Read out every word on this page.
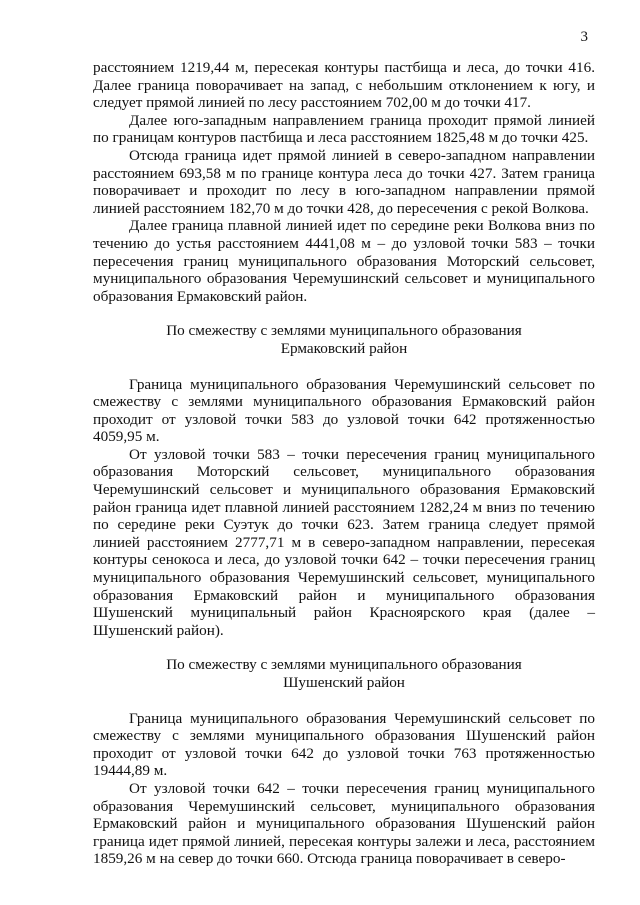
3

расстоянием 1219,44 м, пересекая контуры пастбища и леса, до точки 416. Далее граница поворачивает на запад, с небольшим отклонением к югу, и следует прямой линией по лесу расстоянием 702,00 м до точки 417.

Далее юго-западным направлением граница проходит прямой линией по границам контуров пастбища и леса расстоянием 1825,48 м до точки 425.

Отсюда граница идет прямой линией в северо-западном направлении расстоянием 693,58 м по границе контура леса до точки 427. Затем граница поворачивает и проходит по лесу в юго-западном направлении прямой линией расстоянием 182,70 м до точки 428, до пересечения с рекой Волкова.

Далее граница плавной линией идет по середине реки Волкова вниз по течению до устья расстоянием 4441,08 м – до узловой точки 583 – точки пересечения границ муниципального образования Моторский сельсовет, муниципального образования Черемушинский сельсовет и муниципального образования Ермаковский район.

По смежеству с землями муниципального образования
Ермаковский район

Граница муниципального образования Черемушинский сельсовет по смежеству с землями муниципального образования Ермаковский район проходит от узловой точки 583 до узловой точки 642 протяженностью 4059,95 м.

От узловой точки 583 – точки пересечения границ муниципального образования Моторский сельсовет, муниципального образования Черемушинский сельсовет и муниципального образования Ермаковский район граница идет плавной линией расстоянием 1282,24 м вниз по течению по середине реки Суэтук до точки 623. Затем граница следует прямой линией расстоянием 2777,71 м в северо-западном направлении, пересекая контуры сенокоса и леса, до узловой точки 642 – точки пересечения границ муниципального образования Черемушинский сельсовет, муниципального образования Ермаковский район и муниципального образования Шушенский муниципальный район Красноярского края (далее – Шушенский район).

По смежеству с землями муниципального образования
Шушенский район

Граница муниципального образования Черемушинский сельсовет по смежеству с землями муниципального образования Шушенский район проходит от узловой точки 642 до узловой точки 763 протяженностью 19444,89 м.

От узловой точки 642 – точки пересечения границ муниципального образования Черемушинский сельсовет, муниципального образования Ермаковский район и муниципального образования Шушенский район граница идет прямой линией, пересекая контуры залежи и леса, расстоянием 1859,26 м на север до точки 660. Отсюда граница поворачивает в северо-
